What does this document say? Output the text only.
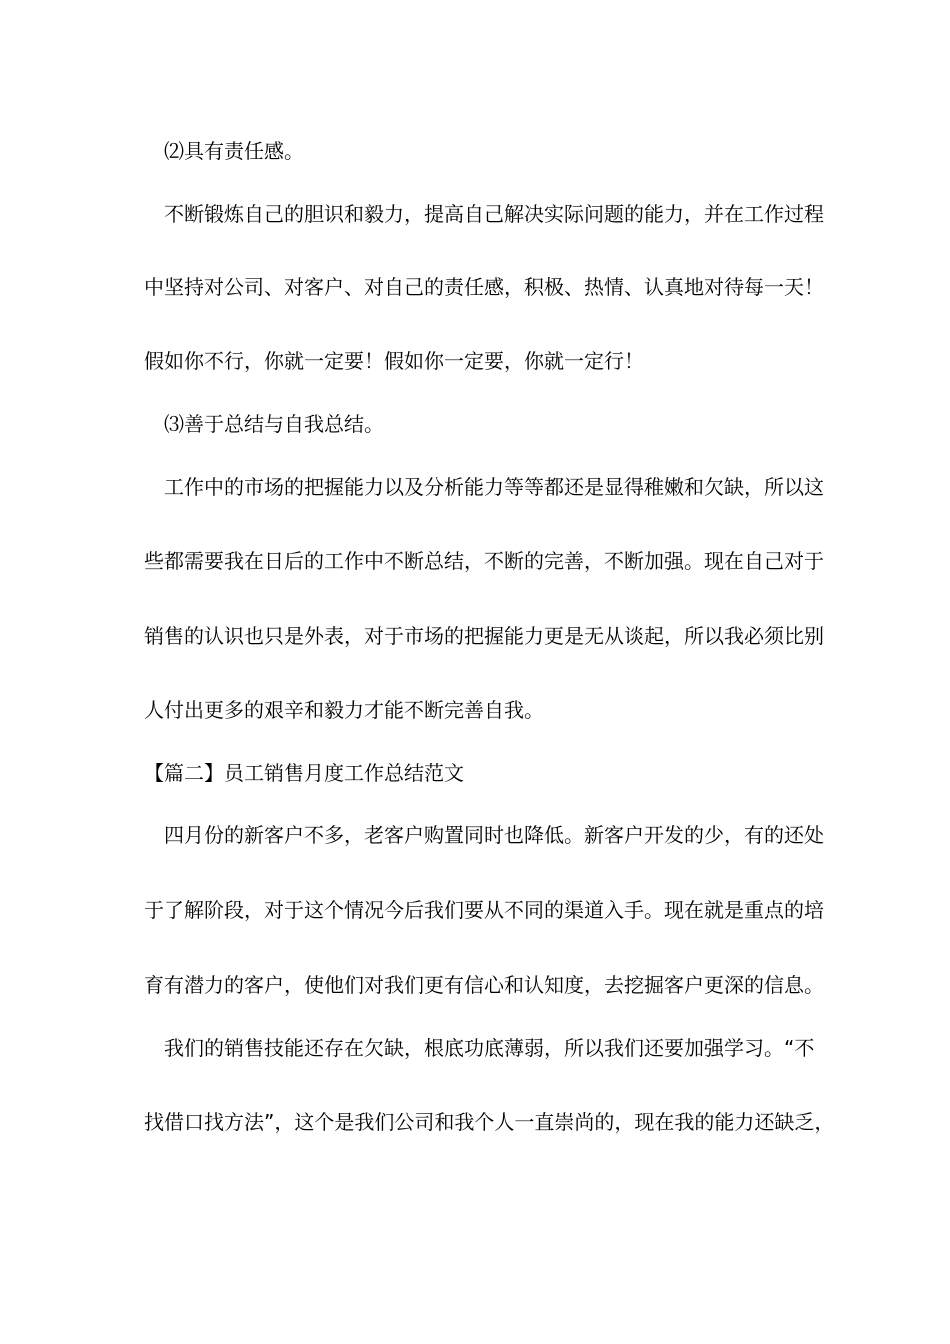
⑵具有责任感。

不断锻炼自己的胆识和毅力，提高自己解决实际问题的能力，并在工作过程

中坚持对公司、对客户、对自己的责任感，积极、热情、认真地对待每一天！

假如你不行，你就一定要！假如你一定要，你就一定行！

⑶善于总结与自我总结。

工作中的市场的把握能力以及分析能力等等都还是显得稚嫩和欠缺，所以这

些都需要我在日后的工作中不断总结，不断的完善，不断加强。现在自己对于

销售的认识也只是外表，对于市场的把握能力更是无从谈起，所以我必须比别

人付出更多的艰辛和毅力才能不断完善自我。

【篇二】员工销售月度工作总结范文

四月份的新客户不多，老客户购置同时也降低。新客户开发的少，有的还处

于了解阶段，对于这个情况今后我们要从不同的渠道入手。现在就是重点的培

育有潜力的客户，使他们对我们更有信心和认知度，去挖掘客户更深的信息。

我们的销售技能还存在欠缺，根底功底薄弱，所以我们还要加强学习。“不

找借口找方法”，这个是我们公司和我个人一直崇尚的，现在我的能力还缺乏，
